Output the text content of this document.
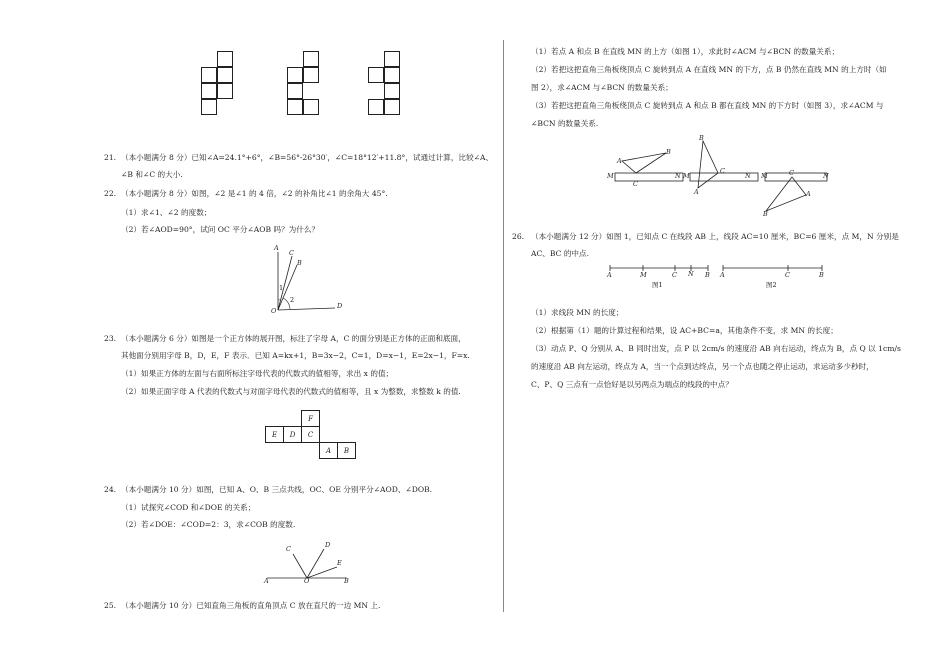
21. （本小题满分 8 分）已知∠A=24.1°+6°，∠B=56°-26°30′，∠C=18°12′+11.8°，试通过计算，比较∠A、
∠B 和∠C 的大小.
22. （本小题满分 8 分）如图，∠2 是∠1 的 4 倍，∠2 的补角比∠1 的余角大 45°.
（1）求∠1、∠2 的度数；
（2）若∠AOD=90°，试问 OC 平分∠AOB 吗？为什么？
A
C
B
O
D
1
2
23. （本小题满分 6 分）如图是一个正方体的展开图，标注了字母 A，C 的面分别是正方体的正面和底面，
其他面分别用字母 B，D，E，F 表示．已知 A=kx+1，B=3x−2，C=1，D=x−1，E=2x−1，F=x.
（1）如果正方体的左面与右面所标注字母代表的代数式的值相等，求出 x 的值；
（2）如果正面字母 A 代表的代数式与对面字母代表的代数式的值相等，且 x 为整数，求整数 k 的值.
		F		
E	D	C		
			A	B
24. （本小题满分 10 分）如图，已知 A、O、B 三点共线，OC、OE 分别平分∠AOD、∠DOB.
（1）试探究∠COD 和∠DOE 的关系；
（2）若∠DOE：∠COD=2：3，求∠COB 的度数.
C	D
E
A	O	B
25. （本小题满分 10 分）已知直角三角板的直角顶点 C 放在直尺的一边 MN 上.
（1）若点 A 和点 B 在直线 MN 的上方（如图 1），求此时∠ACM 与∠BCN 的数量关系；
（2）若把这把直角三角板绕顶点 C 旋转到点 A 在直线 MN 的下方，点 B 仍然在直线 MN 的上方时（如
图 2），求∠ACM 与∠BCN 的数量关系；
（3）若把这把直角三角板绕顶点 C 旋转到点 A 和点 B 都在直线 MN 的下方时（如图 3），求∠ACM 与
∠BCN 的数量关系.
A
B
M
C
N
B
M
C
N
A
M	C	N
A
B
26. （本小题满分 12 分）如图 1，已知点 C 在线段 AB 上，线段 AC=10 厘米，BC=6 厘米，点 M，N 分别是
AC、BC 的中点.
A	M	C N B
图1
A	C	B
图2
（1）求线段 MN 的长度；
（2）根据第（1）题的计算过程和结果，设 AC+BC=a，其他条件不变，求 MN 的长度；
（3）动点 P、Q 分别从 A、B 同时出发，点 P 以 2cm/s 的速度沿 AB 向右运动，终点为 B，点 Q 以 1cm/s
的速度沿 AB 向左运动，终点为 A，当一个点到达终点，另一个点也随之停止运动，求运动多少秒时，
C、P、Q 三点有一点恰好是以另两点为端点的线段的中点？
